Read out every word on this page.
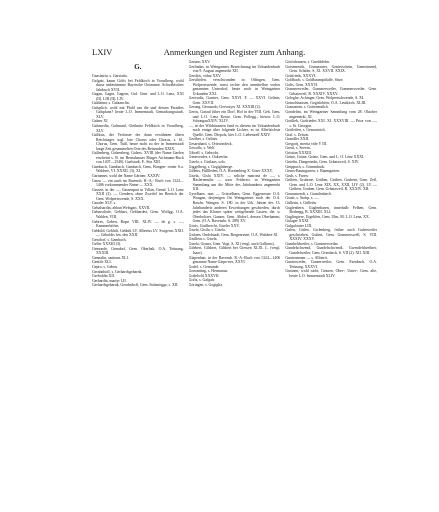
LXIV	Anmerkungen und Register zum Anhang.
G.

Gaastatria, s. Garstatia.

Gafgair, kaum Göfis bei Feldkirch in Vorarlberg, wohl dasse unbestimmte Bayrische Ortsname; Schwäbisches Jahrbuch XVII.

Gagan, Gagin, Gagern, Grd. Gem. und L.O. Lenz, XXI (II), LIII (II), LIV.

Galdanna, s. Galaanclin.

Galsplich, wohl mit Pfahl um die und dessen Paradies Galsplanz? heute L.O. Immenstadt, Gemarkungsstadt, XLV.

Galner XI.

Galsmedia, Galmund, Gleibnitz Feldkirch in Vorarlberg, XLV.

Gallirus, der Verfasser der dann erwähnten ältern Reichstages sogl. lote Chorus oder Chorus, s. 61, Chorus, Gem. Tuiß, heute nicht zu der in Immenstadt lange Zeit gesammelten Orte des Reisenden XXIX.

Gallenberg, Galzenberg, Galzes, XVIII (der Name Gaelen erscheint s. B. im Bernahauser Bürger Aichmann-Buch von 1407—1540). Gaelstadt, F., Sitz XIII.

Gambach, Gambach, Gambach, Gens, Bongen- reuter S.a. Waldsee, VI. XXXII. (3), XI.

Gartanner, wohl der Name Gärtner, XXXIV.

Gauw — ein auch im Ravensb. R.-A.- Buch von 1324—1406 vorkommender Name — XXX.

Gassen, in der —, Gassenpart in Villan, Gemd. L.O. Lenz XXII (2). — Gendern, ohne Zweifel im Bereich der Gem. Wolpertswende, S. XXX.

Gasaler XLV. s.

Gebalsardin, abhan Welngart, XXVII.

Gebarsdorfe, Gebhart, Gebhardea, Gem. Wolfgg, O.A. Walden, VIII.

Gebres, Geben, Bapst VIII. XLIV. — de g. s. —, Kammerhöfen.

Gebhild, Gebhilt, Gebhilt LV. Albertus LV. Swigerus XXII. — Geboldis fen. den XXII.

Geisdorf, s. Gambach.

Geller XXXIII (3).

Gemonde, Gemdorf, Gem. Oberhalt, O.A. Tettnang, XXXIII.

Gennalin, sanitaus XLI.

Gentile XLI.

Gepro, s. Geben.

Gerahnhoff, s. Gerhardsgebarnk.

Gerboldin XII.

Gerhardin, martyr LII.

Gerhardsgebarnk, Gerahnhoff, Gem. Sulzmöggz, s. XII.

Gertaus XXV.

Gerlindas, in Weingartner Bezeichnung im Urkundenbuch von 9. August angemerkt XII.

Geroltis, vidua XXV.

Gersthöfen, verschwunden in Offingen, Gem. Wolpertswende, sonst rechte den unmittelbar vorher genannten Unterdorf, heute noch in Weingartner Urkunden XXI.

Gertrudis, Garnier, Gem. XXVI. F. — XXVI. Gelinis, Gem. XXVII.

Gerung, Gerunodo, Gervasyer XI. XXXIII (2).

Gertis, Garaul (über ein Dorf, Hof in der VIII. Geb. Gem. und L.O. Lenz Kreuz. Gem. Pollegg., hierzu: L.O. SchongauXXIV. XLIV.

—, in der Wildnisanten fand es diesem im Urkundenbuch noch einige über folgende Lichter, es ist Allerhöchste Quelle, Gem. Diepolz, hier L.O. Liebenzell XXIV.

Geziber, s. Gelinis.

Gesarnhard, s. Ortzwindeck.

Gewallo, s. Wolf.

Gibrell, s. Gebricht.

Gimeverder, s. Oakverlac.

Gizela, s. Gisilaus, solo.

Giggelberg, s. Gogiglaberge.

Gilletis, Fülllleden, O.A. Hornenberg X. Gizer XXXV.

Gisela, Gisla XXIV. — seliche matrona de —, s. Hasleremulin — uxor Friderici, in Weingartner Sammlung um die Mitte des Jahrhunderts angemerkt XII.

Gyselharn, nun — Grisselharn, Gem. Eggenreute O.A. Wangen, derjenigen Ort Weingartens noch der O.A. Raschr. Wangen, S. 180. in der Urk. Jahren des 13. Jahrhunderts anderen Erwerbungen geschieden, durch jedes das Kloster später weitgehende Lasten, die. u. Oberholtzer, Ganzer, Gem. Altdorf, dessen Oberhamm, Gem. (O.A. Ravensbr. S. 289) XV.

Giwis, Gisilbrecht, Giseler XXV.

Gisela, Gisila, s. Gisela.

Gislaen, Ondolstadt, Gem. Bergenreute, O.A. Waldsee XI.

Gisilleus s. Gisela.

Gizela, Gismo, Gem. Vogt, S. XI (vergl. auch Gallinus).

Gilebert, Gilsbert, Gilsbert bei Giessen XLIX. L. (vergl. Isaac).

Glapenhatt, in der Ravensb. R.-A.-Buch von 1324—1406 genannte Name Giepo-ner, XXVI.

Godel, s. Gemunde.

Goeranting, s. Hermanus.

Godelwhl XXXVII.

Gofis, s. Gafgair.

Göringen, s. Gogiglia.

Göröxhausen, s. Garsbldehn.

Gotsenreuth, Gramezuter, Gonterschein, Gemeinsend, Gem. Schüler, S. XI. XXVII. XXIX.

Gottfrieds, XXXVI.

Goldbach, s. Goldbaumpitlaffe, Sitze.

Golis, Gem. XXXVI.

Gommerweiler, Gommerweiler, Gommersweiler, Gem. Grbatzweil, R. XXXIV. XXXV.

Gologhe, Achinger, Gem. Wolpertschwende, S. XI.

Gomolshausen, Gogtslohfen, O.A. Leutkirch, XLIII.

Gomastein, s. Gottenmtilch.

Gondelim, im Weingartner Sammlung vom 28. Oktober angemerkt, XI.

Gottlieb, Gotfriedes XXI. XI. XXXVIII. — Prior von —, s. St. Georgen.

Gottleifen, s. Gemontrich.

Graf, s. Zeison.

Grandler XXII.

Gregorij, meritz vide V III.

Greul, s. Seeein.

Gristian XXXIII.

Grüne, Grüne, Grüne, Gem. und L. O. Lenz XXXI.

Grüelin, Dangerimbi, Gem. Grbatzweil, S. XIV.

Gruppach, s. Grimmbach.

Gruns-Baumgarten, s. Baumgarten.

Grub, s. Furen.

Grüben, Grubone, Grüben, Grüben, Grubem, Gem. Zell, Gem. und L.O. Lenz XIX, XX, XXII, LIV (2), LV. — Grüben, Gruben, Gem. Grbatzweil, R. XXXIV. XII.

Grunumendt, s. Gramlenbach.

Gstait, s. Stalrp, s. —.

Gülletin, s. Gülletin.

Guglenbern, Guglenbaren, innerhalb Felben, Gem. Bodnegg, R. XXXIII. XLI.

Guglingiere, Uigeltfen, Gem. Ulm, M. L.O. Lenz, XX.

Gulager XXXI.

Gulgulonier LIII.

Gulen, Gülen, Gwlenberg, früher auch Gulenweiler geschrieben, Gulten, Gem. Gommerswell, S. VIII. XXXIV. XXXV.

Gumbeldweiler, s. Gommerweiler.

Gundelschwend, Gundelschwendt, Gwendeldweilner, Gundelweiler, Gem. Grimbach, S. VII (2). XII. XIII.

Guntermaner — s. Alliterti.

Guntreweiler, Gunterweiler, Gem. Esenbach, O.A. Tettnang, XXXVI.

Gusinen, wohl nicht, Grünen, Ober-, Unter-, Gem. alte, heute L.O. Immenstadt XLIV.
